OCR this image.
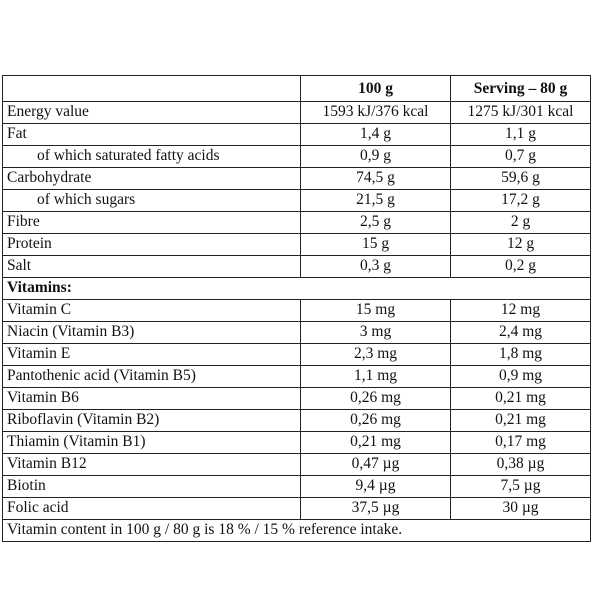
	100 g	Serving – 80 g
Energy value	1593 kJ/376 kcal	1275 kJ/301 kcal
Fat	1,4 g	1,1 g
of which saturated fatty acids	0,9 g	0,7 g
Carbohydrate	74,5 g	59,6 g
of which sugars	21,5 g	17,2 g
Fibre	2,5 g	2 g
Protein	15 g	12 g
Salt	0,3 g	0,2 g
Vitamins:		
Vitamin C	15 mg	12 mg
Niacin (Vitamin B3)	3 mg	2,4 mg
Vitamin E	2,3 mg	1,8 mg
Pantothenic acid (Vitamin B5)	1,1 mg	0,9 mg
Vitamin B6	0,26 mg	0,21 mg
Riboflavin (Vitamin B2)	0,26 mg	0,21 mg
Thiamin (Vitamin B1)	0,21 mg	0,17 mg
Vitamin B12	0,47 µg	0,38 µg
Biotin	9,4 µg	7,5 µg
Folic acid	37,5 µg	30 µg
Vitamin content in 100 g / 80 g is 18 % / 15 % reference intake.		
